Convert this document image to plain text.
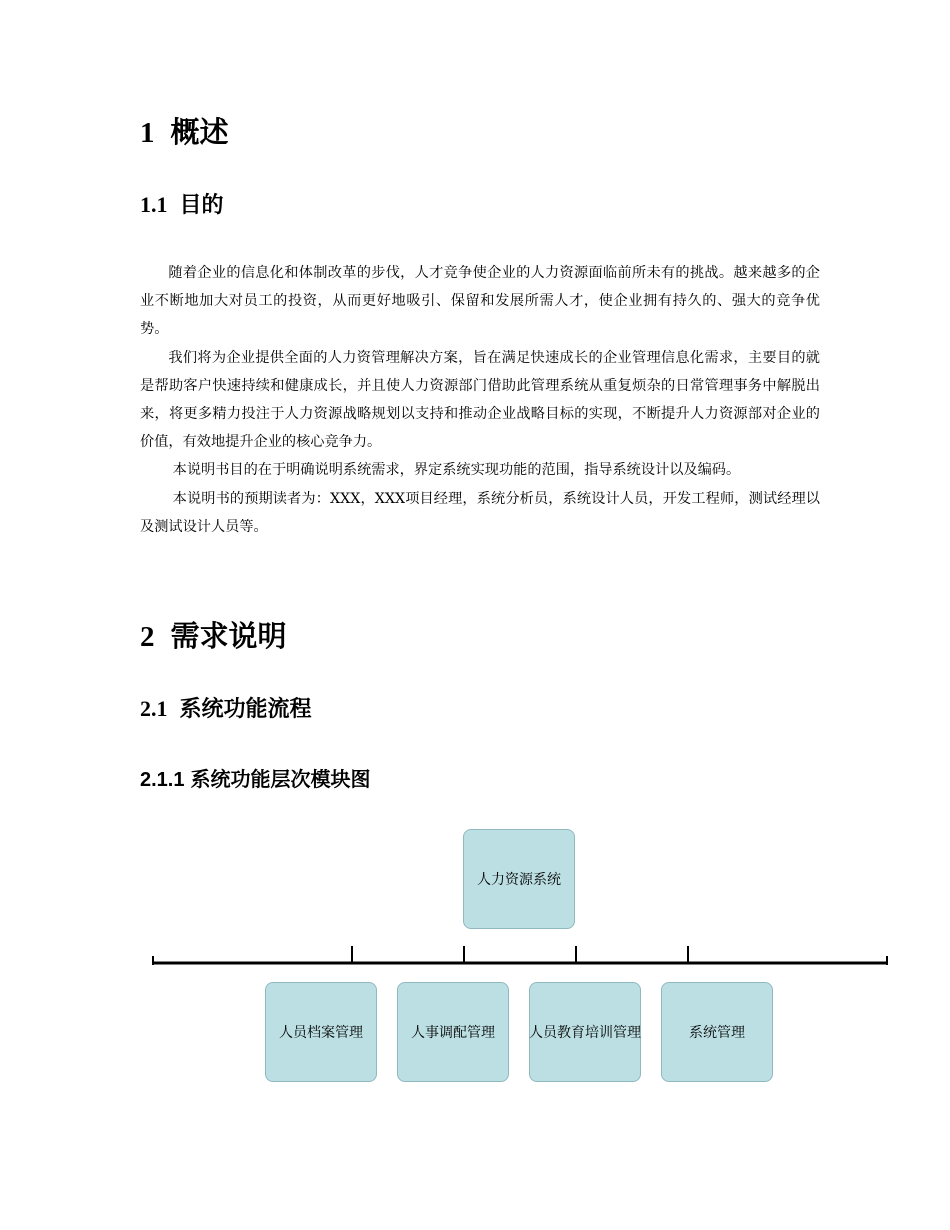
1 概述
1.1 目的

随着企业的信息化和体制改革的步伐，人才竞争使企业的人力资源面临前所未有的挑战。越来越多的企业不断地加大对员工的投资，从而更好地吸引、保留和发展所需人才，使企业拥有持久的、强大的竞争优势。

我们将为企业提供全面的人力资管理解决方案，旨在满足快速成长的企业管理信息化需求，主要目的就是帮助客户快速持续和健康成长，并且使人力资源部门借助此管理系统从重复烦杂的日常管理事务中解脱出来，将更多精力投注于人力资源战略规划以支持和推动企业战略目标的实现，不断提升人力资源部对企业的价值，有效地提升企业的核心竞争力。

本说明书目的在于明确说明系统需求，界定系统实现功能的范围，指导系统设计以及编码。

本说明书的预期读者为：XXX，XXX项目经理，系统分析员，系统设计人员，开发工程师，测试经理以及测试设计人员等。

2 需求说明
2.1 系统功能流程
2.1.1 系统功能层次模块图
人力资源系统
人员档案管理	人事调配管理 人员教育培训管理	系统管理
